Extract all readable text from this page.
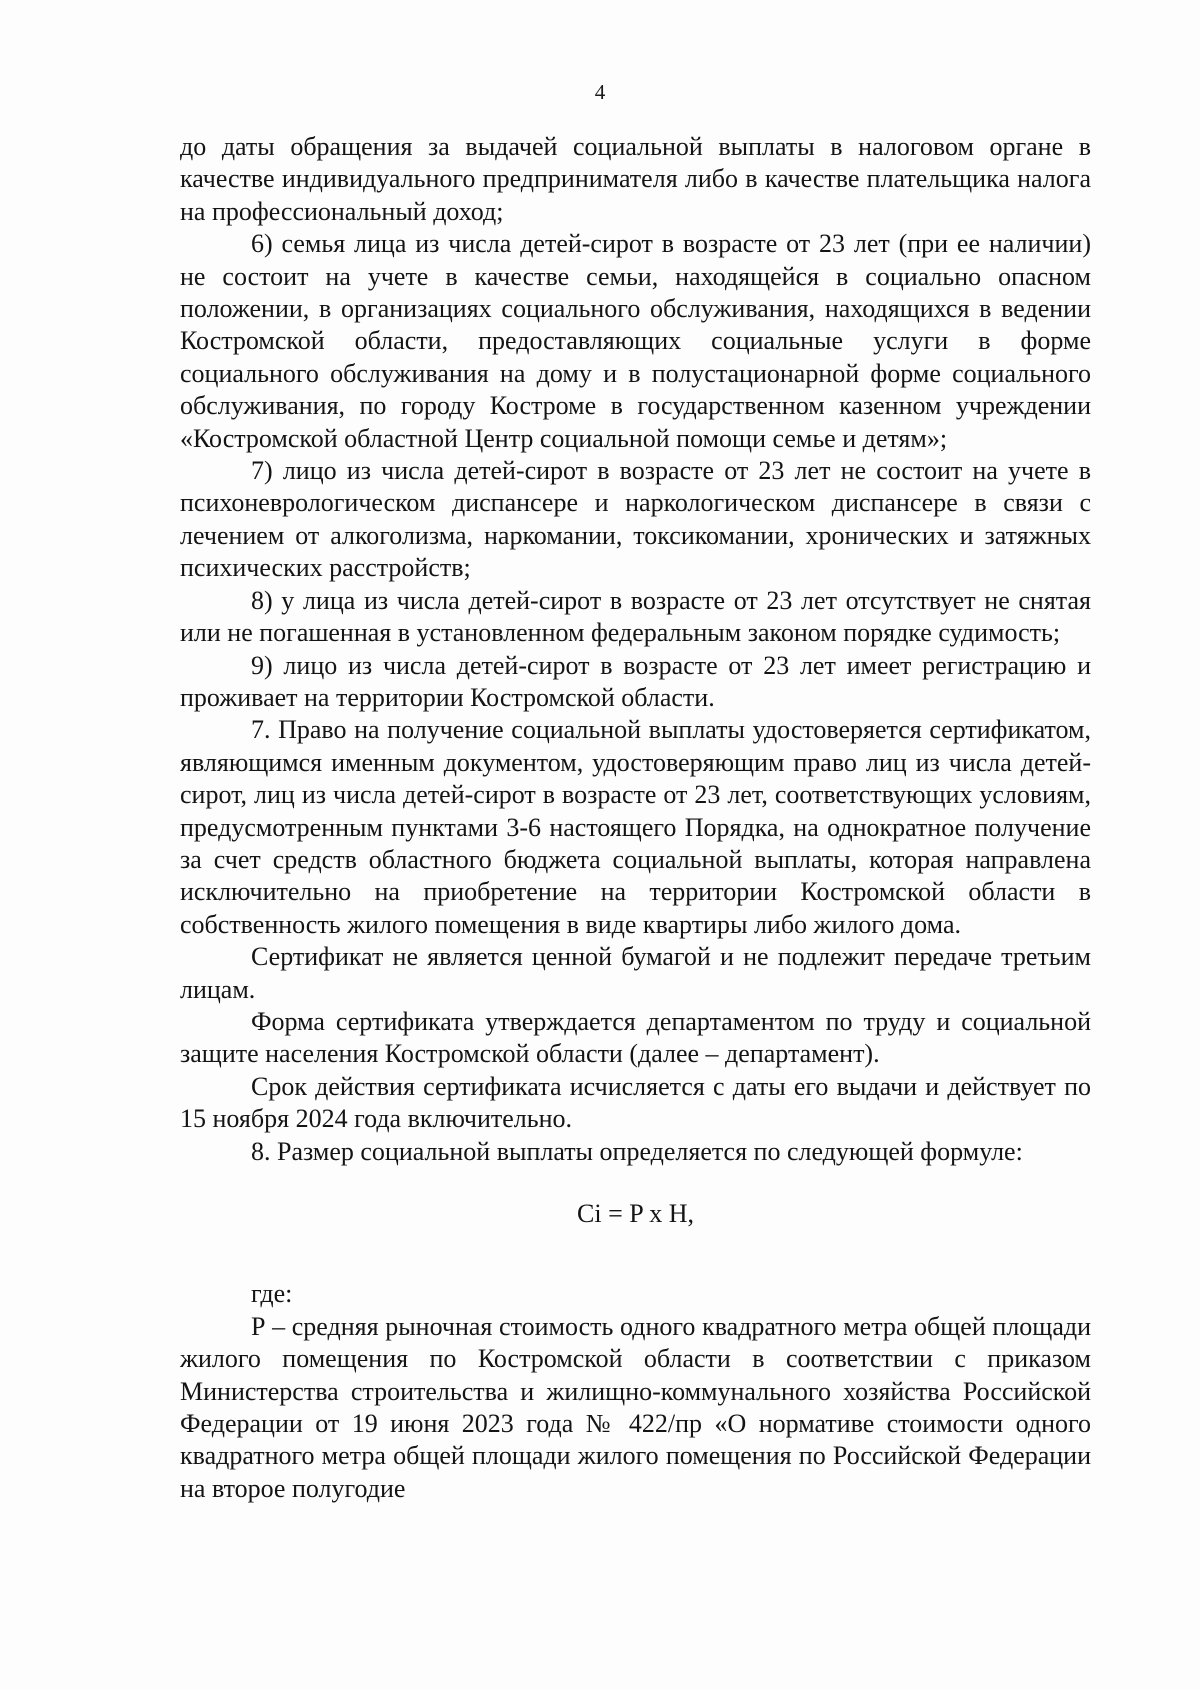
4

до даты обращения за выдачей социальной выплаты в налоговом органе в качестве индивидуального предпринимателя либо в качестве плательщика налога на профессиональный доход;

6) семья лица из числа детей-сирот в возрасте от 23 лет (при ее наличии) не состоит на учете в качестве семьи, находящейся в социально опасном положении, в организациях социального обслуживания, находящихся в ведении Костромской области, предоставляющих социальные услуги в форме социального обслуживания на дому и в полустационарной форме социального обслуживания, по городу Костроме в государственном казенном учреждении «Костромской областной Центр социальной помощи семье и детям»;

7) лицо из числа детей-сирот в возрасте от 23 лет не состоит на учете в психоневрологическом диспансере и наркологическом диспансере в связи с лечением от алкоголизма, наркомании, токсикомании, хронических и затяжных психических расстройств;

8) у лица из числа детей-сирот в возрасте от 23 лет отсутствует не снятая или не погашенная в установленном федеральным законом порядке судимость;

9) лицо из числа детей-сирот в возрасте от 23 лет имеет регистрацию и проживает на территории Костромской области.

7. Право на получение социальной выплаты удостоверяется сертификатом, являющимся именным документом, удостоверяющим право лиц из числа детей-сирот, лиц из числа детей-сирот в возрасте от 23 лет, соответствующих условиям, предусмотренным пунктами 3-6 настоящего Порядка, на однократное получение за счет средств областного бюджета социальной выплаты, которая направлена исключительно на приобретение на территории Костромской области в собственность жилого помещения в виде квартиры либо жилого дома.

Сертификат не является ценной бумагой и не подлежит передаче третьим лицам.

Форма сертификата утверждается департаментом по труду и социальной защите населения Костромской области (далее – департамент).

Срок действия сертификата исчисляется с даты его выдачи и действует по 15 ноября 2024 года включительно.

8. Размер социальной выплаты определяется по следующей формуле:

Ci = P x H,

где:

Р – средняя рыночная стоимость одного квадратного метра общей площади жилого помещения по Костромской области в соответствии с приказом Министерства строительства и жилищно-коммунального хозяйства Российской Федерации от 19 июня 2023 года № 422/пр «О нормативе стоимости одного квадратного метра общей площади жилого помещения по Российской Федерации на второе полугодие
